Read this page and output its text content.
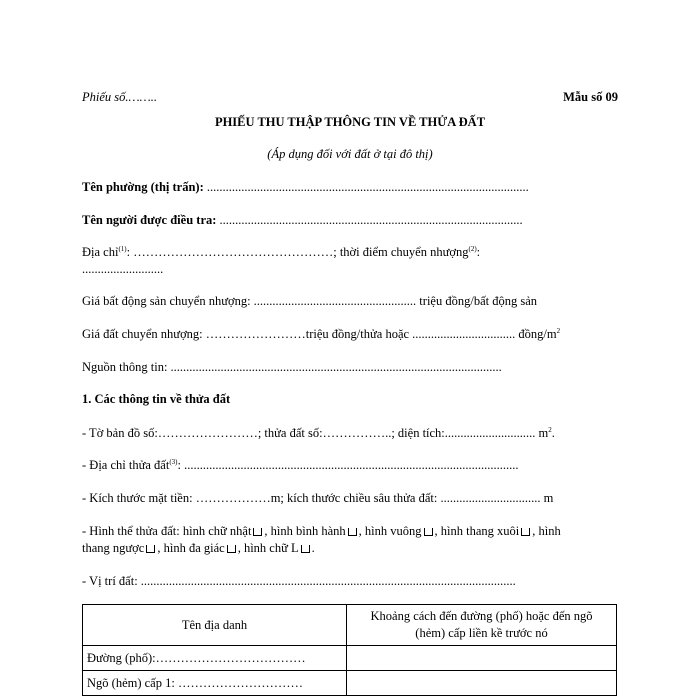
Phiếu số.……..	Mẫu số 09
PHIẾU THU THẬP THÔNG TIN VỀ THỬA ĐẤT
(Áp dụng đối với đất ở tại đô thị)
Tên phường (thị trấn): .......................................................................................................
Tên người được điều tra: .................................................................................................
Địa chỉ$^{(1)}$: …………………………………………; thời điểm chuyển nhượng$^{(2)}$:
..........................
Giá bất động sản chuyển nhượng: .................................................... triệu đồng/bất động sản
Giá đất chuyển nhượng: ……………………triệu đồng/thửa hoặc ................................. đồng/$m^2$
Nguồn thông tin: ..........................................................................................................
1. Các thông tin về thửa đất
- Tờ bản đồ số:……………………; thửa đất số:……………..; diện tích:............................. $m^2$.
- Địa chỉ thửa đất$^{(3)}$: ...........................................................................................................
- Kích thước mặt tiền: ………………m; kích thước chiều sâu thửa đất: ................................ m
- Hình thể thửa đất: hình chữ nhật , hình bình hành , hình vuông , hình thang xuôi , hình
thang ngược , hình đa giác , hình chữ L .
- Vị trí đất: ........................................................................................................................
Tên địa danh	Khoảng cách đến đường (phố) hoặc đến ngõ
(hẻm) cấp liền kề trước nó

Đường (phố):………………………………	
Ngõ (hẻm) cấp 1: …………………………	
